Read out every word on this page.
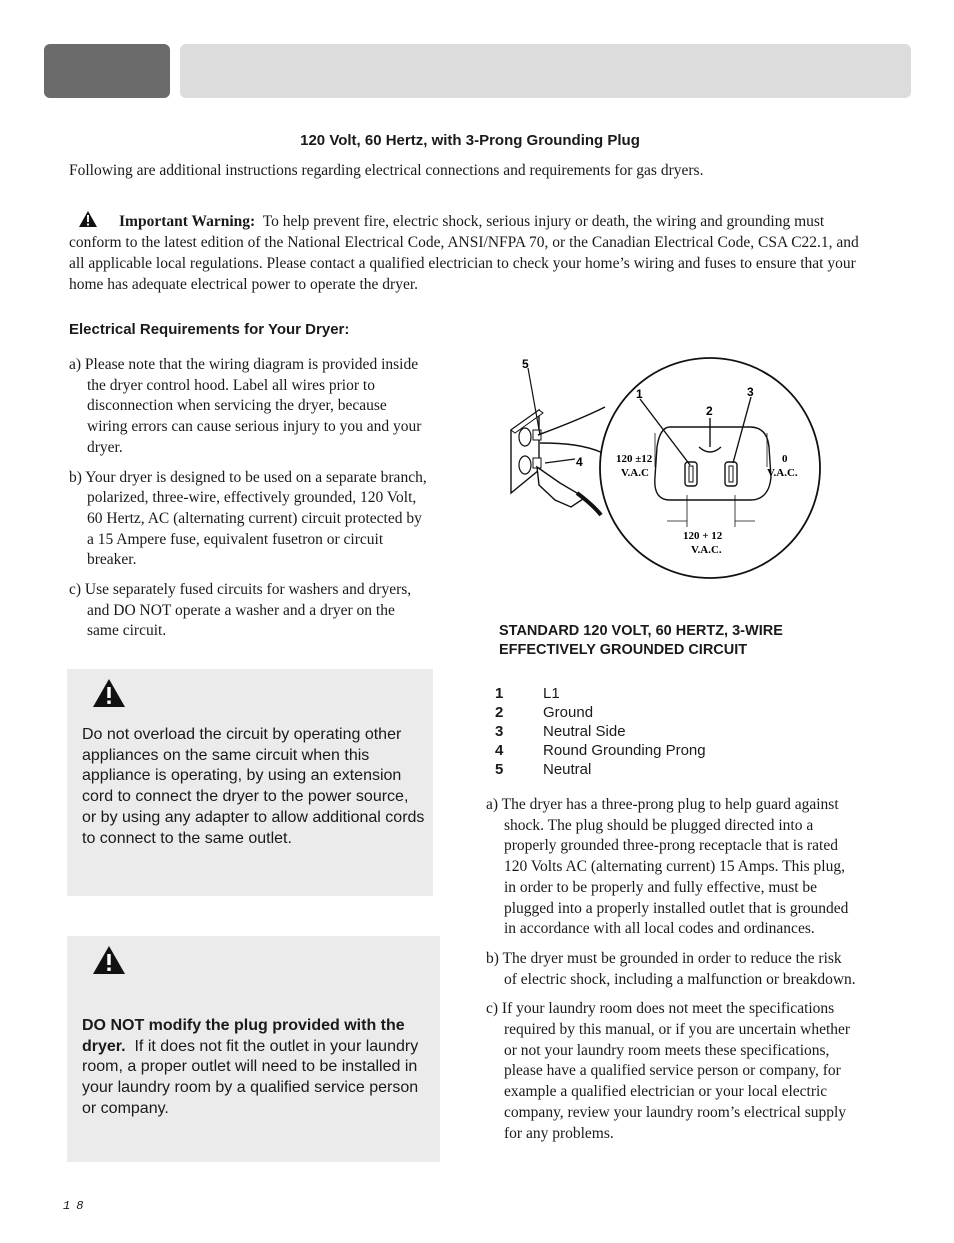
120 Volt, 60 Hertz, with 3-Prong Grounding Plug
Following are additional instructions regarding electrical connections and requirements for gas dryers.
Important Warning: To help prevent fire, electric shock, serious injury or death, the wiring and grounding must conform to the latest edition of the National Electrical Code, ANSI/NFPA 70, or the Canadian Electrical Code, CSA C22.1, and all applicable local regulations. Please contact a qualified electrician to check your home’s wiring and fuses to ensure that your home has adequate electrical power to operate the dryer.
Electrical Requirements for Your Dryer:
a) Please note that the wiring diagram is provided inside the dryer control hood. Label all wires prior to disconnection when servicing the dryer, because wiring errors can cause serious injury to you and your dryer.
b) Your dryer is designed to be used on a separate branch, polarized, three-wire, effectively grounded, 120 Volt, 60 Hertz, AC (alternating current) circuit protected by a 15 Ampere fuse, equivalent fusetron or circuit breaker.
c) Use separately fused circuits for washers and dryers, and DO NOT operate a washer and a dryer on the same circuit.
Do not overload the circuit by operating other appliances on the same circuit when this appliance is operating, by using an extension cord to connect the dryer to the power source, or by using any adapter to allow additional cords to connect to the same outlet.
DO NOT modify the plug provided with the dryer. If it does not fit the outlet in your laundry room, a proper outlet will need to be installed in your laundry room by a qualified service person or company.
5
1	3
2
4	120 ±12
V.A.C
0
V.A.C.
120 + 12
V.A.C.
STANDARD 120 VOLT, 60 HERTZ, 3-WIRE EFFECTIVELY GROUNDED CIRCUIT
1	L1
2	Ground
3	Neutral Side
4	Round Grounding Prong
5	Neutral
a) The dryer has a three-prong plug to help guard against shock. The plug should be plugged directed into a properly grounded three-prong receptacle that is rated 120 Volts AC (alternating current) 15 Amps. This plug, in order to be properly and fully effective, must be plugged into a properly installed outlet that is grounded in accordance with all local codes and ordinances.
b) The dryer must be grounded in order to reduce the risk of electric shock, including a malfunction or breakdown.
c) If your laundry room does not meet the specifications required by this manual, or if you are uncertain whether or not your laundry room meets these specifications, please have a qualified service person or company, for example a qualified electrician or your local electric company, review your laundry room’s electrical supply for any problems.
18
